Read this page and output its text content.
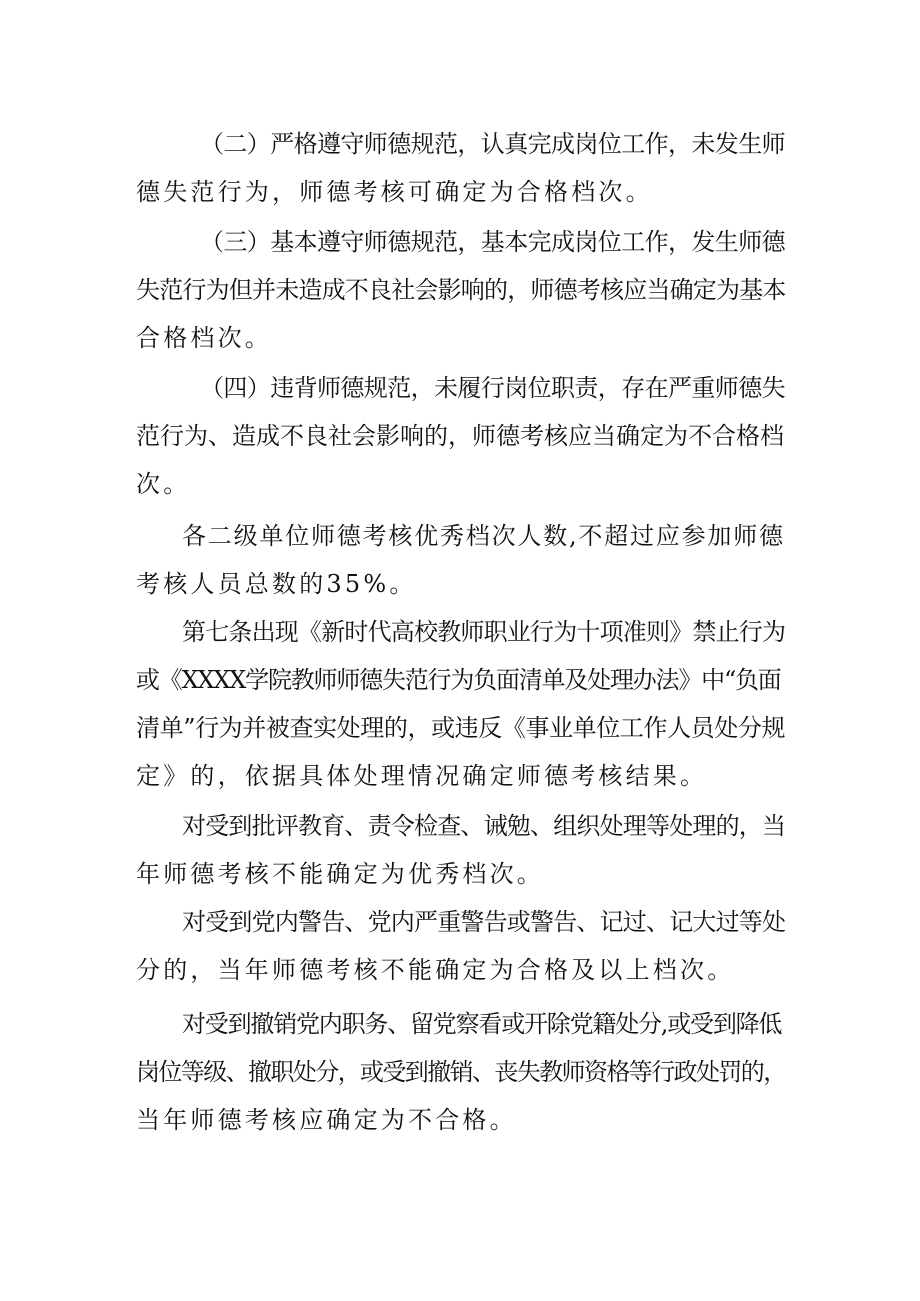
（二）严格遵守师德规范，认真完成岗位工作，未发生师
德失范行为，师德考核可确定为合格档次。

（三）基本遵守师德规范，基本完成岗位工作，发生师德
失范行为但并未造成不良社会影响的，师德考核应当确定为基本
合格档次。

（四）违背师德规范，未履行岗位职责，存在严重师德失
范行为、造成不良社会影响的，师德考核应当确定为不合格档
次。

各二级单位师德考核优秀档次人数,不超过应参加师德
考核人员总数的35%。

第七条出现《新时代高校教师职业行为十项准则》禁止行为
或《XXXX学院教师师德失范行为负面清单及处理办法》中“负面
清单”行为并被查实处理的，或违反《事业单位工作人员处分规
定》的，依据具体处理情况确定师德考核结果。

对受到批评教育、责令检查、诫勉、组织处理等处理的，当
年师德考核不能确定为优秀档次。

对受到党内警告、党内严重警告或警告、记过、记大过等处
分的，当年师德考核不能确定为合格及以上档次。

对受到撤销党内职务、留党察看或开除党籍处分,或受到降低
岗位等级、撤职处分，或受到撤销、丧失教师资格等行政处罚的，
当年师德考核应确定为不合格。
